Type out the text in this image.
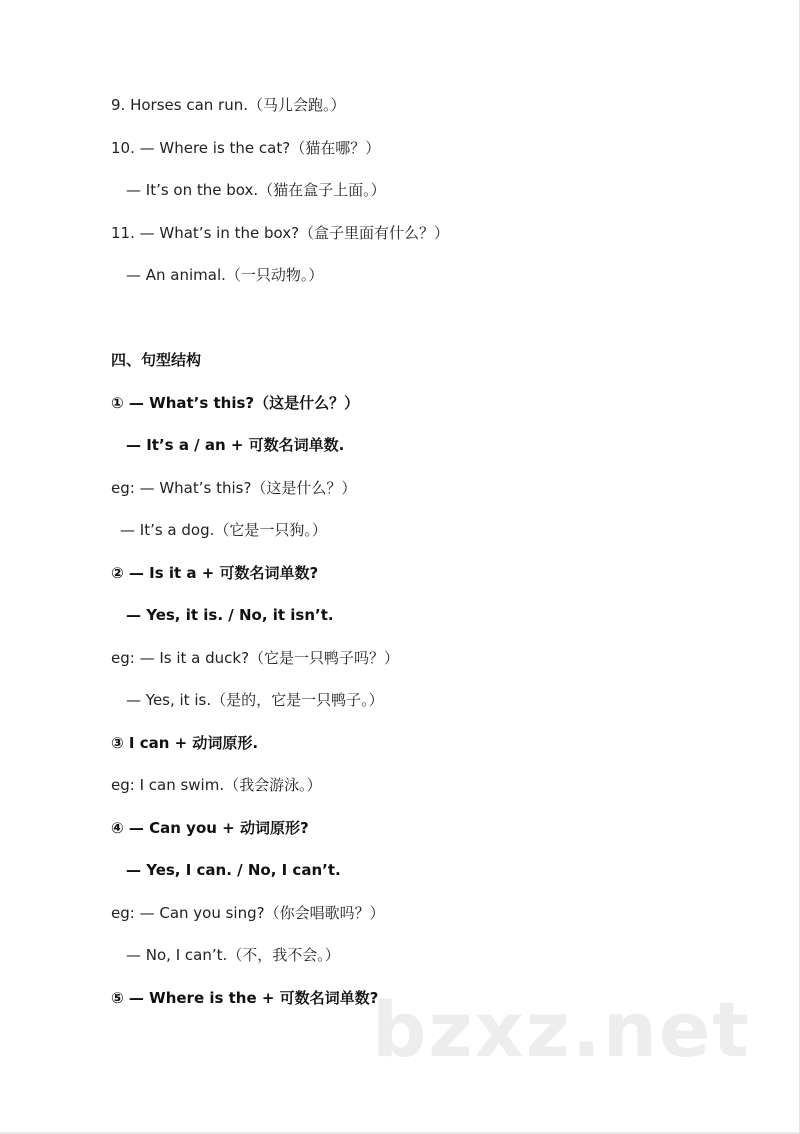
9. Horses can run.（马儿会跑。）
10. — Where is the cat?（猫在哪？）
— It’s on the box.（猫在盒子上面。）
11. — What’s in the box?（盒子里面有什么？）
— An animal.（一只动物。）
四、句型结构
① — What’s this?（这是什么？）
— It’s a / an + 可数名词单数.
eg: — What’s this?（这是什么？）
— It’s a dog.（它是一只狗。）
② — Is it a + 可数名词单数?
— Yes, it is. / No, it isn’t.
eg: — Is it a duck?（它是一只鸭子吗？）
— Yes, it is.（是的，它是一只鸭子。）
③ I can + 动词原形.
eg: I can swim.（我会游泳。）
④ — Can you + 动词原形?
— Yes, I can. / No, I can’t.
eg: — Can you sing?（你会唱歌吗？）
— No, I can’t.（不，我不会。）
⑤ — Where is the + 可数名词单数?
bzxz.net
